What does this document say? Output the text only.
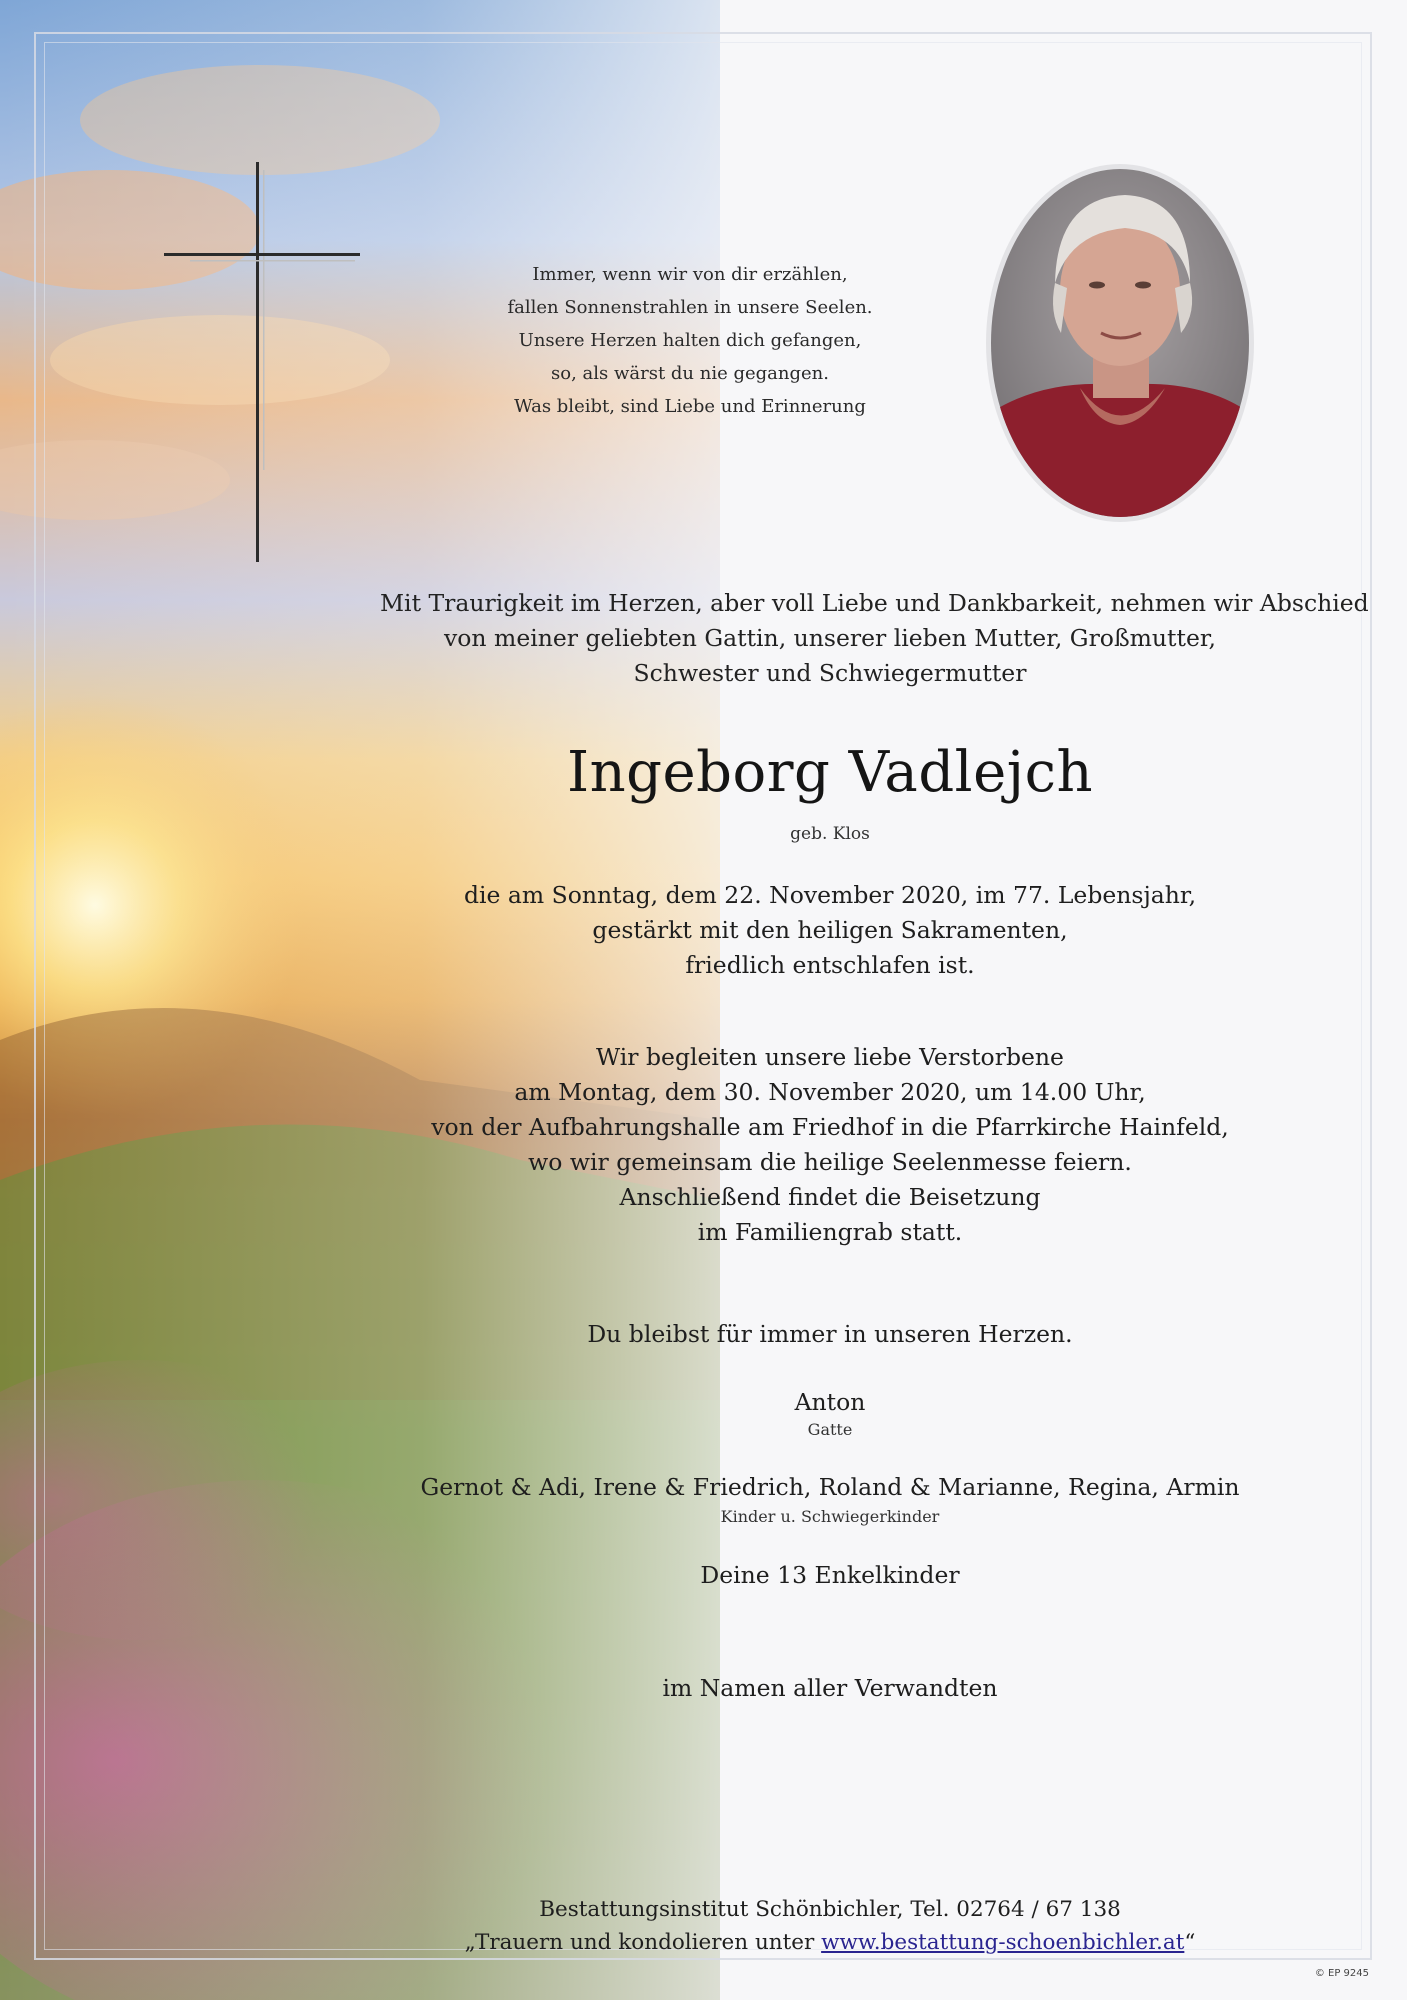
Immer, wenn wir von dir erzählen,
fallen Sonnenstrahlen in unsere Seelen.
Unsere Herzen halten dich gefangen,
so, als wärst du nie gegangen.
Was bleibt, sind Liebe und Erinnerung
Mit Traurigkeit im Herzen, aber voll Liebe und Dankbarkeit, nehmen wir Abschied
von meiner geliebten Gattin, unserer lieben Mutter, Großmutter,
Schwester und Schwiegermutter
Ingeborg Vadlejch
geb. Klos
die am Sonntag, dem 22. November 2020, im 77. Lebensjahr,
gestärkt mit den heiligen Sakramenten,
friedlich entschlafen ist.
Wir begleiten unsere liebe Verstorbene
am Montag, dem 30. November 2020, um 14.00 Uhr,
von der Aufbahrungshalle am Friedhof in die Pfarrkirche Hainfeld,
wo wir gemeinsam die heilige Seelenmesse feiern.
Anschließend findet die Beisetzung
im Familiengrab statt.
Du bleibst für immer in unseren Herzen.
Anton
Gatte
Gernot & Adi, Irene & Friedrich, Roland & Marianne, Regina, Armin
Kinder u. Schwiegerkinder
Deine 13 Enkelkinder
im Namen aller Verwandten
Bestattungsinstitut Schönbichler, Tel. 02764 / 67 138
„Trauern und kondolieren unter www.bestattung-schoenbichler.at“
© EP 9245
